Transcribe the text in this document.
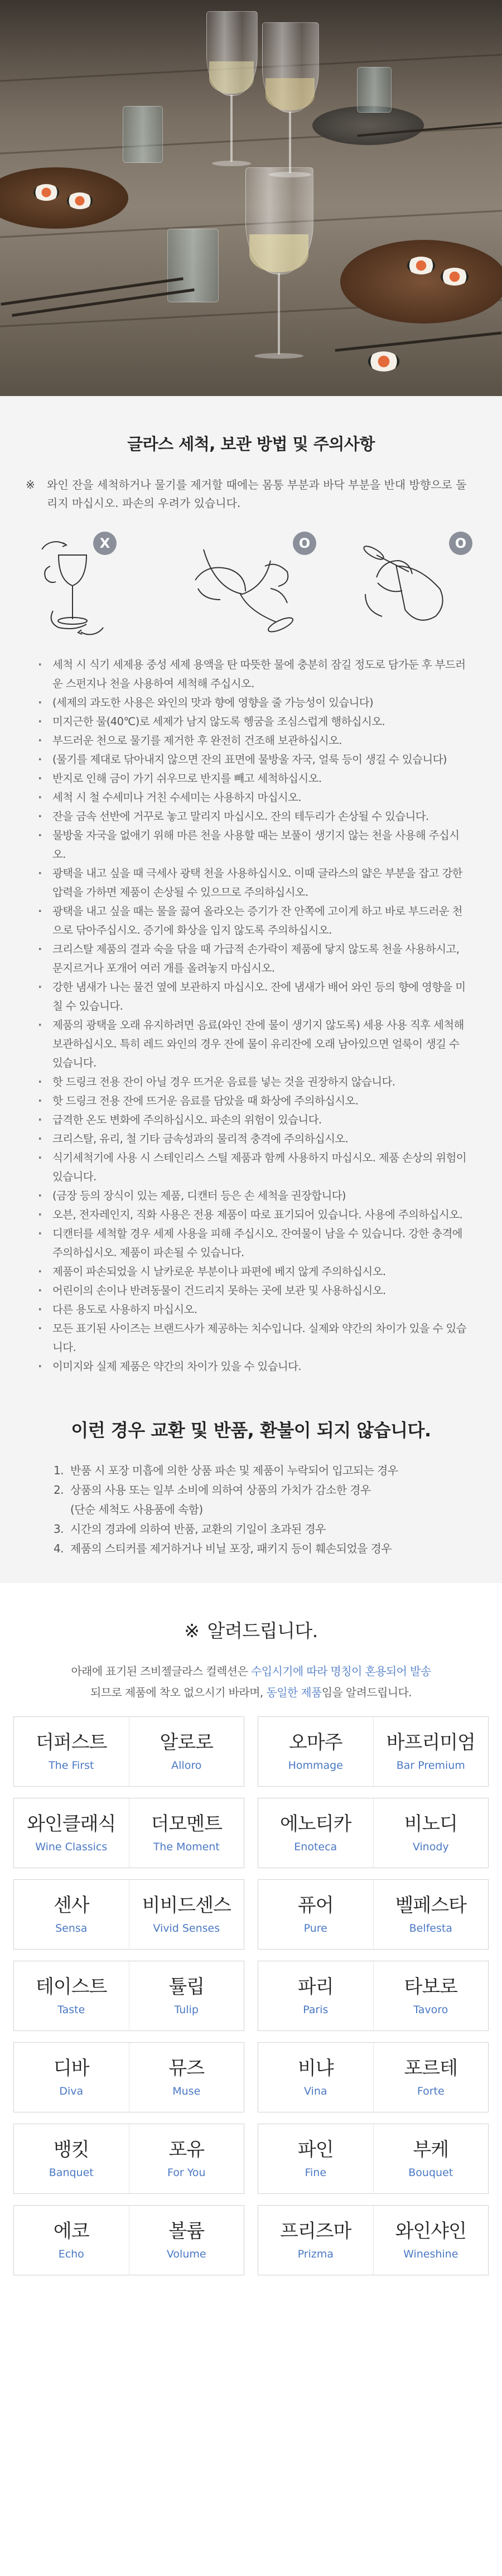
글라스 세척, 보관 방법 및 주의사항
※	와인 잔을 세척하거나 물기를 제거할 때에는 몸통 부분과 바닥 부분을 반대 방향으로 돌리지 마십시오. 파손의 우려가 있습니다.
X	O	O
· 세척 시 식기 세제용 중성 세제 용액을 탄 따뜻한 물에 충분히 잠길 정도로 담가둔 후 부드러운 스펀지나 천을 사용하여 세척해 주십시오.
· (세제의 과도한 사용은 와인의 맛과 향에 영향을 줄 가능성이 있습니다)
· 미지근한 물(40℃)로 세제가 남지 않도록 헹굼을 조심스럽게 행하십시오.
· 부드러운 천으로 물기를 제거한 후 완전히 건조해 보관하십시오.
· (물기를 제대로 닦아내지 않으면 잔의 표면에 물방울 자국, 얼룩 등이 생길 수 있습니다)
· 반지로 인해 금이 가기 쉬우므로 반지를 빼고 세척하십시오.
· 세척 시 철 수세미나 거친 수세미는 사용하지 마십시오.
· 잔을 금속 선반에 거꾸로 놓고 말리지 마십시오. 잔의 테두리가 손상될 수 있습니다.
· 물방울 자국을 없애기 위해 마른 천을 사용할 때는 보풀이 생기지 않는 천을 사용해 주십시오.
· 광택을 내고 싶을 때 극세사 광택 천을 사용하십시오. 이때 글라스의 얇은 부분을 잡고 강한 압력을 가하면 제품이 손상될 수 있으므로 주의하십시오.
· 광택을 내고 싶을 때는 물을 끓여 올라오는 증기가 잔 안쪽에 고이게 하고 바로 부드러운 천으로 닦아주십시오. 증기에 화상을 입지 않도록 주의하십시오.
· 크리스탈 제품의 결과 숙을 닦을 때 가급적 손가락이 제품에 닿지 않도록 천을 사용하시고, 문지르거나 포개어 여러 개를 올려놓지 마십시오.
· 강한 냄새가 나는 물건 옆에 보관하지 마십시오. 잔에 냄새가 배어 와인 등의 향에 영향을 미칠 수 있습니다.
· 제품의 광택을 오래 유지하려면 음료(와인 잔에 물이 생기지 않도록) 세용 사용 직후 세척해 보관하십시오. 특히 레드 와인의 경우 잔에 물이 유리잔에 오래 남아있으면 얼룩이 생길 수 있습니다.
· 핫 드링크 전용 잔이 아닐 경우 뜨거운 음료를 넣는 것을 권장하지 않습니다.
· 핫 드링크 전용 잔에 뜨거운 음료를 담았을 때 화상에 주의하십시오.
· 급격한 온도 변화에 주의하십시오. 파손의 위험이 있습니다.
· 크리스탈, 유리, 철 기타 금속성과의 물리적 충격에 주의하십시오.
· 식기세척기에 사용 시 스테인리스 스틸 제품과 함께 사용하지 마십시오. 제품 손상의 위험이 있습니다.
· (금장 등의 장식이 있는 제품, 디캔터 등은 손 세척을 권장합니다)
· 오븐, 전자레인지, 직화 사용은 전용 제품이 따로 표기되어 있습니다. 사용에 주의하십시오.
· 디캔터를 세척할 경우 세제 사용을 피해 주십시오. 잔여물이 남을 수 있습니다. 강한 충격에 주의하십시오. 제품이 파손될 수 있습니다.
· 제품이 파손되었을 시 날카로운 부분이나 파편에 베지 않게 주의하십시오.
· 어린이의 손이나 반려동물이 건드리지 못하는 곳에 보관 및 사용하십시오.
· 다른 용도로 사용하지 마십시오.
· 모든 표기된 사이즈는 브랜드사가 제공하는 치수입니다. 실제와 약간의 차이가 있을 수 있습니다.
· 이미지와 실제 제품은 약간의 차이가 있을 수 있습니다.
이런 경우 교환 및 반품, 환불이 되지 않습니다.
1. 반품 시 포장 미흡에 의한 상품 파손 및 제품이 누락되어 입고되는 경우
2. 상품의 사용 또는 일부 소비에 의하여 상품의 가치가 감소한 경우
(단순 세척도 사용품에 속함)
3. 시간의 경과에 의하여 반품, 교환의 기일이 초과된 경우
4. 제품의 스티커를 제거하거나 비닐 포장, 패키지 등이 훼손되었을 경우
※ 알려드립니다.
아래에 표기된 즈비젤글라스 컬렉션은 수입시기에 따라 명칭이 혼용되어 발송
되므로 제품에 착오 없으시기 바라며, 동일한 제품임을 알려드립니다.
더퍼스트
The First
알로로
Alloro
오마주
Hommage
바프리미엄
Bar Premium
와인클래식
Wine Classics
더모멘트
The Moment
에노티카
Enoteca
비노디
Vinody
센사
Sensa
비비드센스
Vivid Senses
퓨어
Pure
벨페스타
Belfesta
테이스트
Taste
튤립
Tulip
파리
Paris
타보로
Tavoro
디바
Diva
뮤즈
Muse
비냐
Vina
포르테
Forte
뱅킷
Banquet
포유
For You
파인
Fine
부케
Bouquet
에코
Echo
볼륨
Volume
프리즈마
Prizma
와인샤인
Wineshine
